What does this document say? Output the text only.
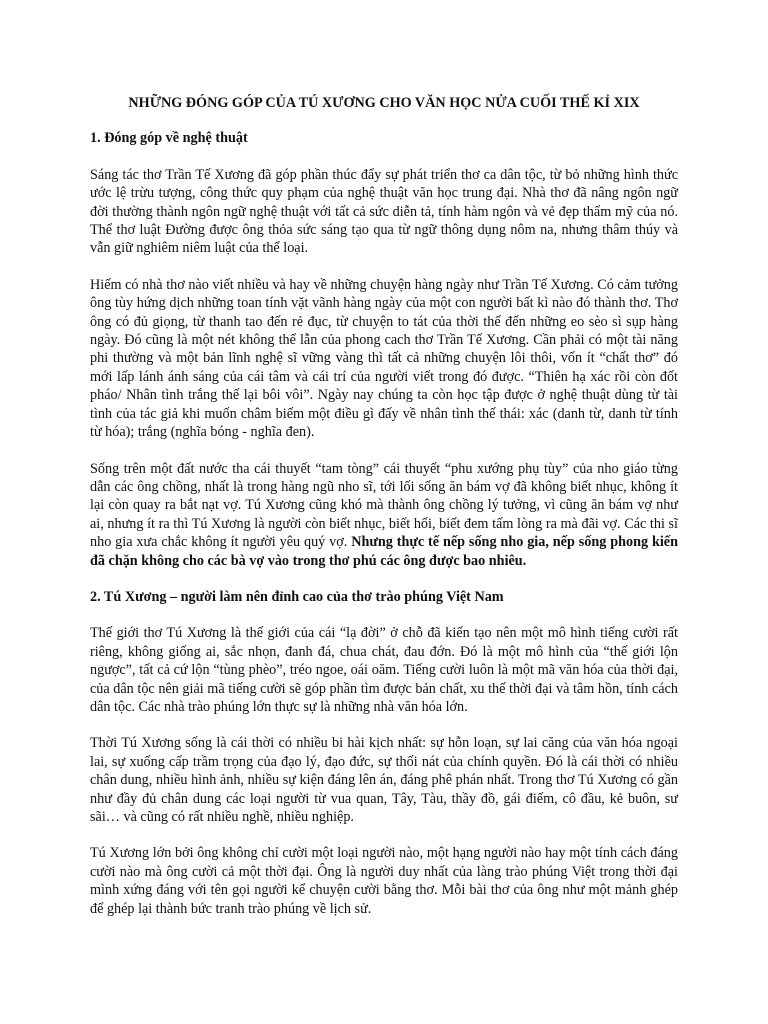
NHỮNG ĐÓNG GÓP CỦA TÚ XƯƠNG CHO VĂN HỌC NỬA CUỐI THẾ KỈ XIX
1. Đóng góp về nghệ thuật

Sáng tác thơ Trần Tế Xương đã góp phần thúc đẩy sự phát triển thơ ca dân tộc, từ bỏ những hình thức ước lệ trừu tượng, công thức quy phạm của nghệ thuật văn học trung đại. Nhà thơ đã nâng ngôn ngữ đời thường thành ngôn ngữ nghệ thuật với tất cả sức diễn tả, tính hàm ngôn và vẻ đẹp thẩm mỹ của nó. Thể thơ luật Đường được ông thỏa sức sáng tạo qua từ ngữ thông dụng nôm na, nhưng thâm thúy và vẫn giữ nghiêm niêm luật của thể loại.

Hiếm có nhà thơ nào viết nhiều và hay về những chuyện hàng ngày như Trần Tế Xương. Có cảm tưởng ông tùy hứng dịch những toan tính vặt vãnh hàng ngày của một con người bất kì nào đó thành thơ. Thơ ông có đủ giọng, từ thanh tao đến rẻ đục, từ chuyện to tát của thời thế đến những eo sèo sì sụp hàng ngày. Đó cũng là một nét không thể lẫn của phong cach thơ Trần Tế Xương. Cần phải có một tài năng phi thường và một bản lĩnh nghệ sĩ vững vàng thì tất cả những chuyện lôi thôi, vốn ít “chất thơ” đó mới lấp lánh ánh sáng của cái tâm và cái trí của người viết trong đó được. “Thiên hạ xác rồi còn đốt pháo/ Nhân tình trắng thế lại bôi vôi”. Ngày nay chúng ta còn học tập được ở nghệ thuật dùng từ tài tình của tác giả khi muốn châm biếm một điều gì đấy về nhân tình thế thái: xác (danh từ, danh từ tính từ hóa); trắng (nghĩa bóng - nghĩa đen).

Sống trên một đất nước tha cái thuyết “tam tòng” cái thuyết “phu xướng phụ tùy” của nho giáo từng dẫn các ông chồng, nhất là trong hàng ngũ nho sĩ, tới lối sống ăn bám vợ đã không biết nhục, không ít lại còn quay ra bắt nạt vợ. Tú Xương cũng khó mà thành ông chồng lý tưởng, vì cũng ăn bám vợ như ai, nhưng ít ra thì Tú Xương là người còn biết nhục, biết hối, biết đem tấm lòng ra mà đãi vợ. Các thi sĩ nho gia xưa chắc không ít người yêu quý vợ. Nhưng thực tế nếp sống nho gia, nếp sống phong kiến đã chặn không cho các bà vợ vào trong thơ phú các ông được bao nhiêu.

2. Tú Xương – người làm nên đỉnh cao của thơ trào phúng Việt Nam

Thế giới thơ Tú Xương là thế giới của cái “lạ đời” ở chỗ đã kiến tạo nên một mô hình tiếng cười rất riêng, không giống ai, sắc nhọn, đanh đá, chua chát, đau đớn. Đó là một mô hình của “thế giới lộn ngược”, tất cả cứ lộn “tùng phèo”, tréo ngoe, oái oăm. Tiếng cười luôn là một mã văn hóa của thời đại, của dân tộc nên giải mã tiếng cười sẽ góp phần tìm được bản chất, xu thế thời đại và tâm hồn, tính cách dân tộc. Các nhà trào phúng lớn thực sự là những nhà văn hóa lớn.

Thời Tú Xương sống là cái thời có nhiều bi hài kịch nhất: sự hỗn loạn, sự lai căng của văn hóa ngoại lai, sự xuống cấp trầm trọng của đạo lý, đạo đức, sự thối nát của chính quyền. Đó là cái thời có nhiều chân dung, nhiều hình ảnh, nhiều sự kiện đáng lên án, đáng phê phán nhất. Trong thơ Tú Xương có gần như đầy đủ chân dung các loại người từ vua quan, Tây, Tàu, thầy đồ, gái điếm, cô đầu, kẻ buôn, sư sãi… và cũng có rất nhiều nghề, nhiều nghiệp.

Tú Xương lớn bởi ông không chỉ cười một loại người nào, một hạng người nào hay một tính cách đáng cười nào mà ông cười cả một thời đại. Ông là người duy nhất của làng trào phúng Việt trong thời đại mình xứng đáng với tên gọi người kể chuyện cười bằng thơ. Mỗi bài thơ của ông như một mảnh ghép để ghép lại thành bức tranh trào phúng về lịch sử.
